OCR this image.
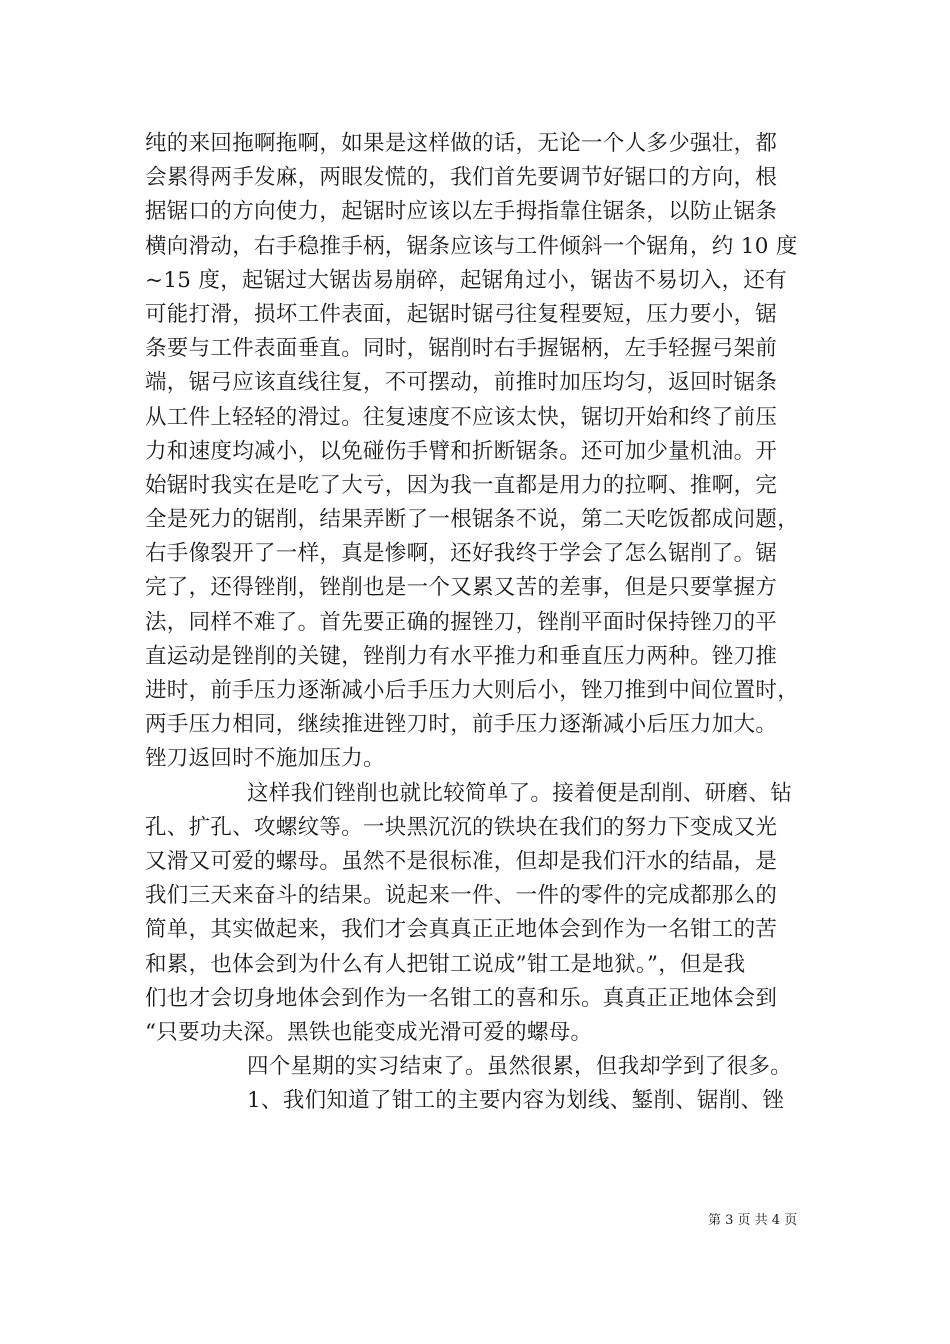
纯的来回拖啊拖啊，如果是这样做的话，无论一个人多少强壮，都
会累得两手发麻，两眼发慌的，我们首先要调节好锯口的方向，根
据锯口的方向使力，起锯时应该以左手拇指靠住锯条，以防止锯条
横向滑动，右手稳推手柄，锯条应该与工件倾斜一个锯角，约 10 度
~15 度，起锯过大锯齿易崩碎，起锯角过小，锯齿不易切入，还有
可能打滑，损坏工件表面，起锯时锯弓往复程要短，压力要小，锯
条要与工件表面垂直。同时，锯削时右手握锯柄，左手轻握弓架前
端，锯弓应该直线往复，不可摆动，前推时加压均匀，返回时锯条
从工件上轻轻的滑过。往复速度不应该太快，锯切开始和终了前压
力和速度均减小，以免碰伤手臂和折断锯条。还可加少量机油。开
始锯时我实在是吃了大亏，因为我一直都是用力的拉啊、推啊，完
全是死力的锯削，结果弄断了一根锯条不说，第二天吃饭都成问题，
右手像裂开了一样，真是惨啊，还好我终于学会了怎么锯削了。锯
完了，还得锉削，锉削也是一个又累又苦的差事，但是只要掌握方
法，同样不难了。首先要正确的握锉刀，锉削平面时保持锉刀的平
直运动是锉削的关键，锉削力有水平推力和垂直压力两种。锉刀推
进时，前手压力逐渐减小后手压力大则后小，锉刀推到中间位置时，
两手压力相同，继续推进锉刀时，前手压力逐渐减小后压力加大。
锉刀返回时不施加压力。
这样我们锉削也就比较简单了。接着便是刮削、研磨、钻
孔、扩孔、攻螺纹等。一块黑沉沉的铁块在我们的努力下变成又光
又滑又可爱的螺母。虽然不是很标准，但却是我们汗水的结晶，是
我们三天来奋斗的结果。说起来一件、一件的零件的完成都那么的
简单，其实做起来，我们才会真真正正地体会到作为一名钳工的苦
和累，也体会到为什么有人把钳工说成”钳工是地狱。”，但是我
们也才会切身地体会到作为一名钳工的喜和乐。真真正正地体会到
“只要功夫深。黑铁也能变成光滑可爱的螺母。
四个星期的实习结束了。虽然很累，但我却学到了很多。
1、我们知道了钳工的主要内容为划线、錾削、锯削、锉
第 3 页 共 4 页
